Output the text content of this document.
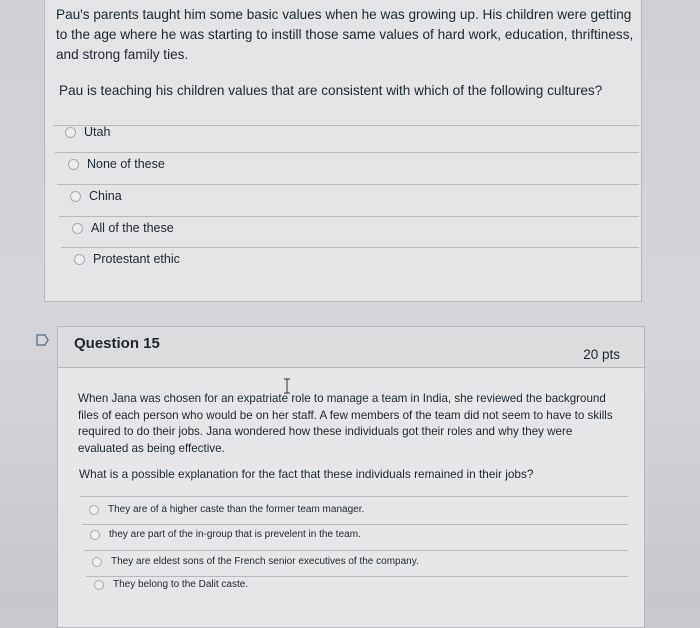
Pau's parents taught him some basic values when he was growing up. His children were getting to the age where he was starting to instill those same values of hard work, education, thriftiness, and strong family ties.
Pau is teaching his children values that are consistent with which of the following cultures?
Utah
None of these
China
All of the these
Protestant ethic
Question 15
20 pts
When Jana was chosen for an expatriate role to manage a team in India, she reviewed the background files of each person who would be on her staff. A few members of the team did not seem to have to skills required to do their jobs. Jana wondered how these individuals got their roles and why they were evaluated as being effective.
What is a possible explanation for the fact that these individuals remained in their jobs?
They are of a higher caste than the former team manager.
they are part of the in-group that is prevelent in the team.
They are eldest sons of the French senior executives of the company.
They belong to the Dalit caste.
